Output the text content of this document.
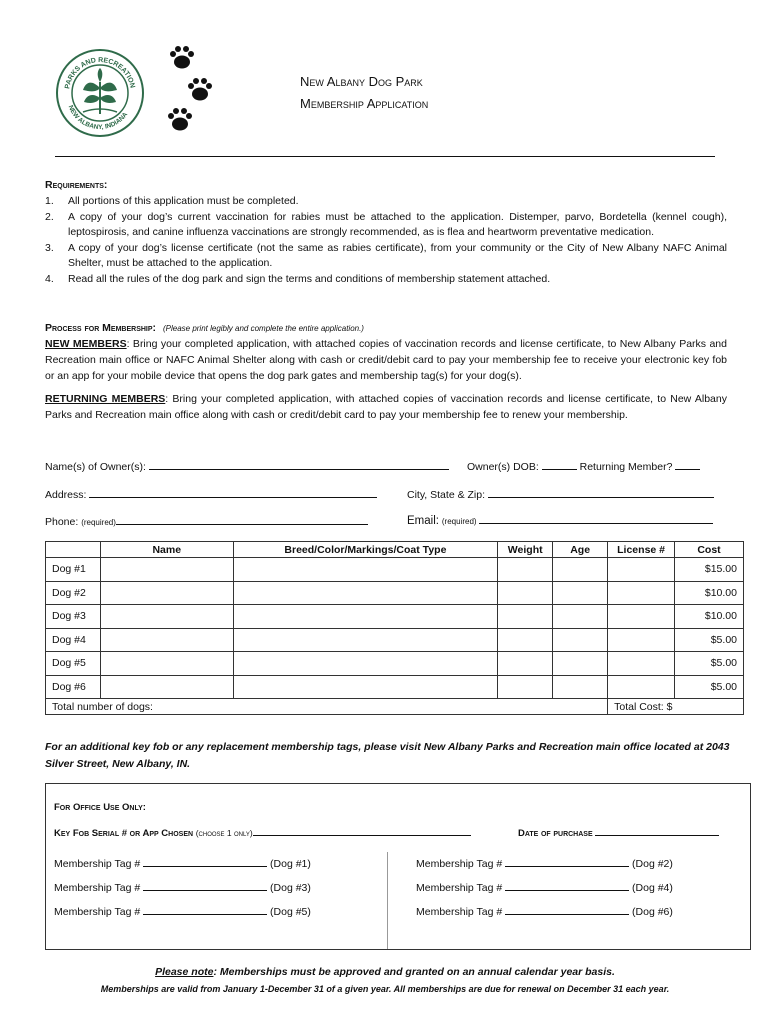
PARKS AND RECREATION
NEW ALBANY, INDIANA
New Albany Dog Park
Membership Application
Requirements:
1. All portions of this application must be completed.
2. A copy of your dog’s current vaccination for rabies must be attached to the application. Distemper, parvo, Bordetella (kennel cough), leptospirosis, and canine influenza vaccinations are strongly recommended, as is flea and heartworm preventative medication.
3. A copy of your dog’s license certificate (not the same as rabies certificate), from your community or the City of New Albany NAFC Animal Shelter, must be attached to the application.
4. Read all the rules of the dog park and sign the terms and conditions of membership statement attached.
Process for Membership: (Please print legibly and complete the entire application.)
NEW MEMBERS: Bring your completed application, with attached copies of vaccination records and license certificate, to New Albany Parks and Recreation main office or NAFC Animal Shelter along with cash or credit/debit card to pay your membership fee to receive your electronic key fob or an app for your mobile device that opens the dog park gates and membership tag(s) for your dog(s).
RETURNING MEMBERS: Bring your completed application, with attached copies of vaccination records and license certificate, to New Albany Parks and Recreation main office along with cash or credit/debit card to pay your membership fee to renew your membership.
Name(s) of Owner(s):	Owner(s) DOB:	Returning Member?
Address:	City, State & Zip:
Phone: (required)	Email: (required)
	Name	Breed/Color/Markings/Coat Type	Weight	Age	License #	Cost
Dog #1						$15.00
Dog #2						$10.00
Dog #3						$10.00
Dog #4						$5.00
Dog #5						$5.00
Dog #6						$5.00
Total number of dogs:					Total Cost: $	
For an additional key fob or any replacement membership tags, please visit New Albany Parks and Recreation main office located at 2043 Silver Street, New Albany, IN.
For Office Use Only:
Key Fob Serial # or App Chosen (choose 1 only)	Date of purchase
Membership Tag #	(Dog #1)	Membership Tag #	(Dog #2)
Membership Tag #	(Dog #3)	Membership Tag #	(Dog #4)
Membership Tag #	(Dog #5)	Membership Tag #	(Dog #6)
Please note: Memberships must be approved and granted on an annual calendar year basis.
Memberships are valid from January 1-December 31 of a given year. All memberships are due for renewal on December 31 each year.
